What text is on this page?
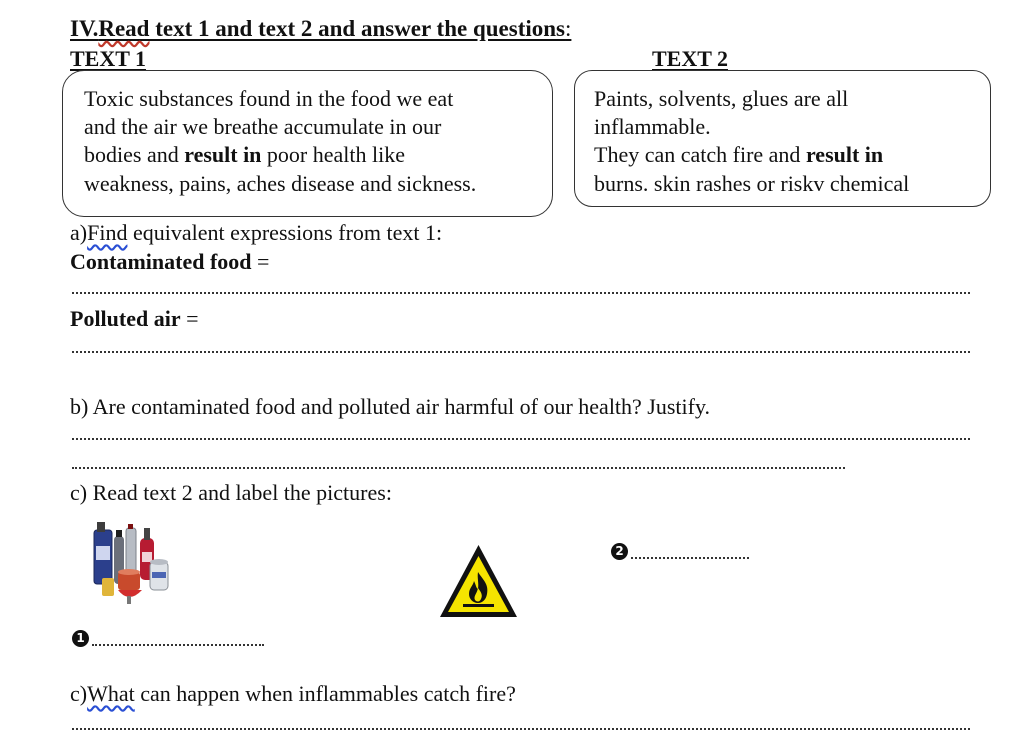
IV.Read text 1 and text 2 and answer the questions:
TEXT 1	TEXT 2
Toxic substances found in the food we eat
and the air we breathe accumulate in our
bodies and result in poor health like
weakness, pains, aches disease and sickness.
Paints, solvents, glues are all
inflammable.
They can catch fire and result in
burns. skin rashes or riskv chemical
a)Find equivalent expressions from text 1:
Contaminated food =
Polluted air =
b) Are contaminated food and polluted air harmful of our health? Justify.
c) Read text 2 and label the pictures:
2
1
c)What can happen when inflammables catch fire?
